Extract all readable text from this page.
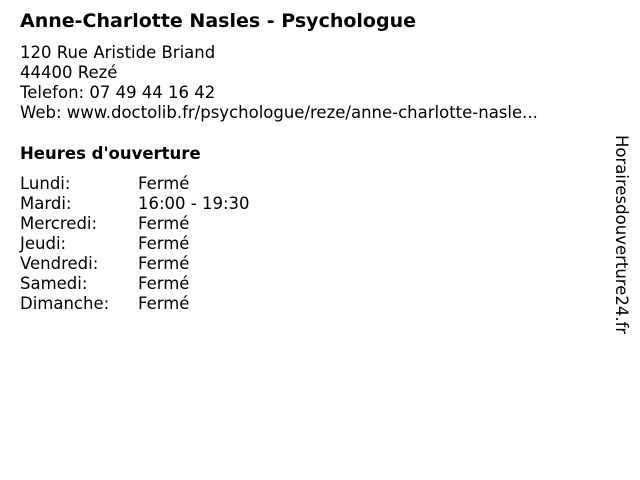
Anne-Charlotte Nasles - Psychologue
120 Rue Aristide Briand
44400 Rezé
Telefon: 07 49 44 16 42
Web: www.doctolib.fr/psychologue/reze/anne-charlotte-nasle...
Heures d'ouverture
Lundi:	Fermé
Mardi:	16:00 - 19:30
Mercredi: Fermé
Jeudi:	Fermé
Vendredi: Fermé
Samedi:	Fermé
Dimanche: Fermé	Horairesdouverture24.fr
